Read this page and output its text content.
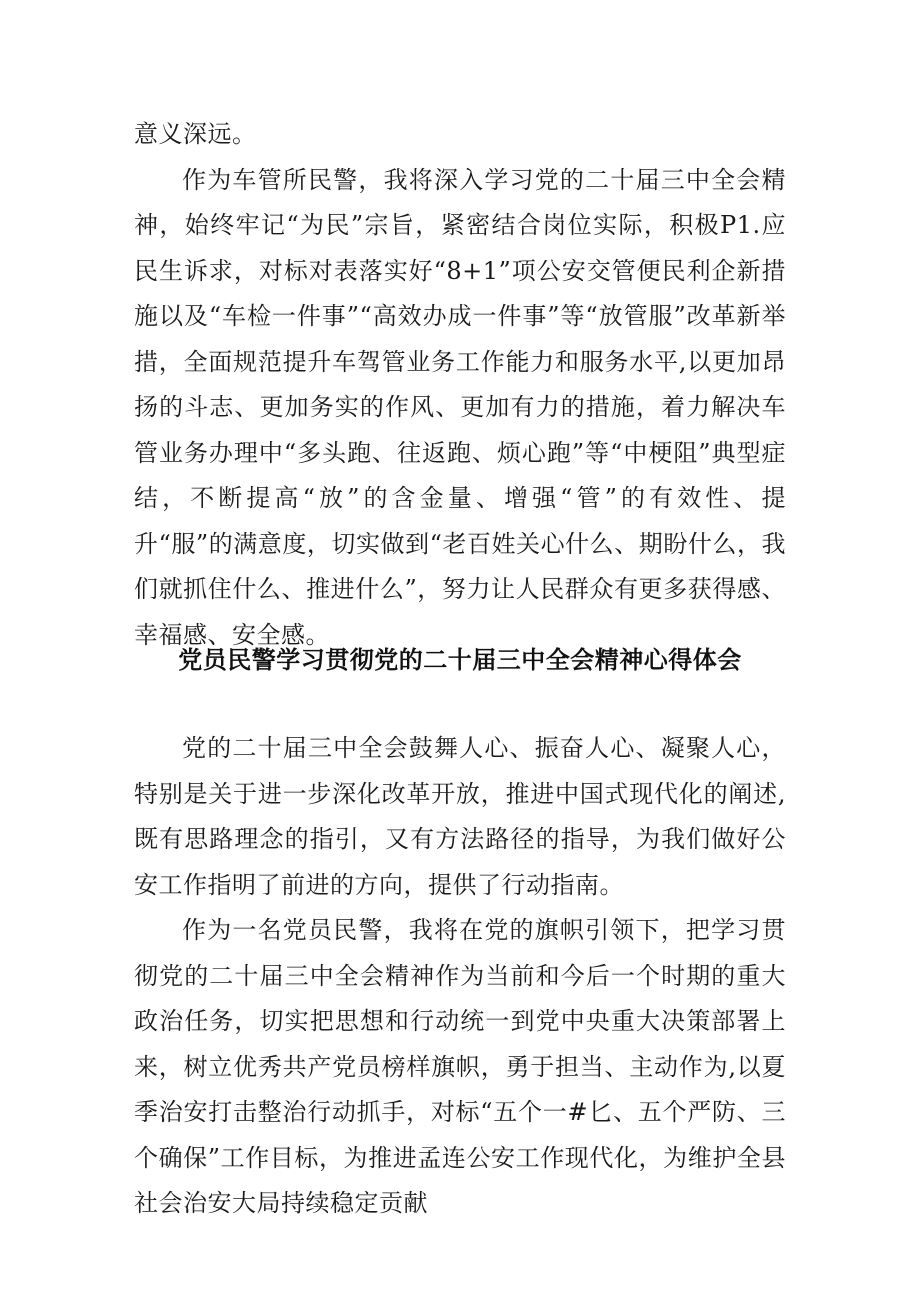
意义深远。

作为车管所民警，我将深入学习党的二十届三中全会精神，始终牢记“为民”宗旨，紧密结合岗位实际，积极P1.应民生诉求，对标对表落实好“8+1”项公安交管便民利企新措施以及“车检一件事”“高效办成一件事”等“放管服”改革新举措，全面规范提升车驾管业务工作能力和服务水平,以更加昂扬的斗志、更加务实的作风、更加有力的措施，着力解决车管业务办理中“多头跑、往返跑、烦心跑”等“中梗阻”典型症结，不断提高“放”的含金量、增强“管”的有效性、提升“服”的满意度，切实做到“老百姓关心什么、期盼什么，我们就抓住什么、推进什么”，努力让人民群众有更多获得感、幸福感、安全感。

党员民警学习贯彻党的二十届三中全会精神心得体会

党的二十届三中全会鼓舞人心、振奋人心、凝聚人心，特别是关于进一步深化改革开放，推进中国式现代化的阐述,既有思路理念的指引，又有方法路径的指导，为我们做好公安工作指明了前进的方向，提供了行动指南。

作为一名党员民警，我将在党的旗帜引领下，把学习贯彻党的二十届三中全会精神作为当前和今后一个时期的重大政治任务，切实把思想和行动统一到党中央重大决策部署上来，树立优秀共产党员榜样旗帜，勇于担当、主动作为,以夏季治安打击整治行动抓手，对标“五个一#匕、五个严防、三个确保”工作目标，为推进孟连公安工作现代化，为维护全县社会治安大局持续稳定贡献
